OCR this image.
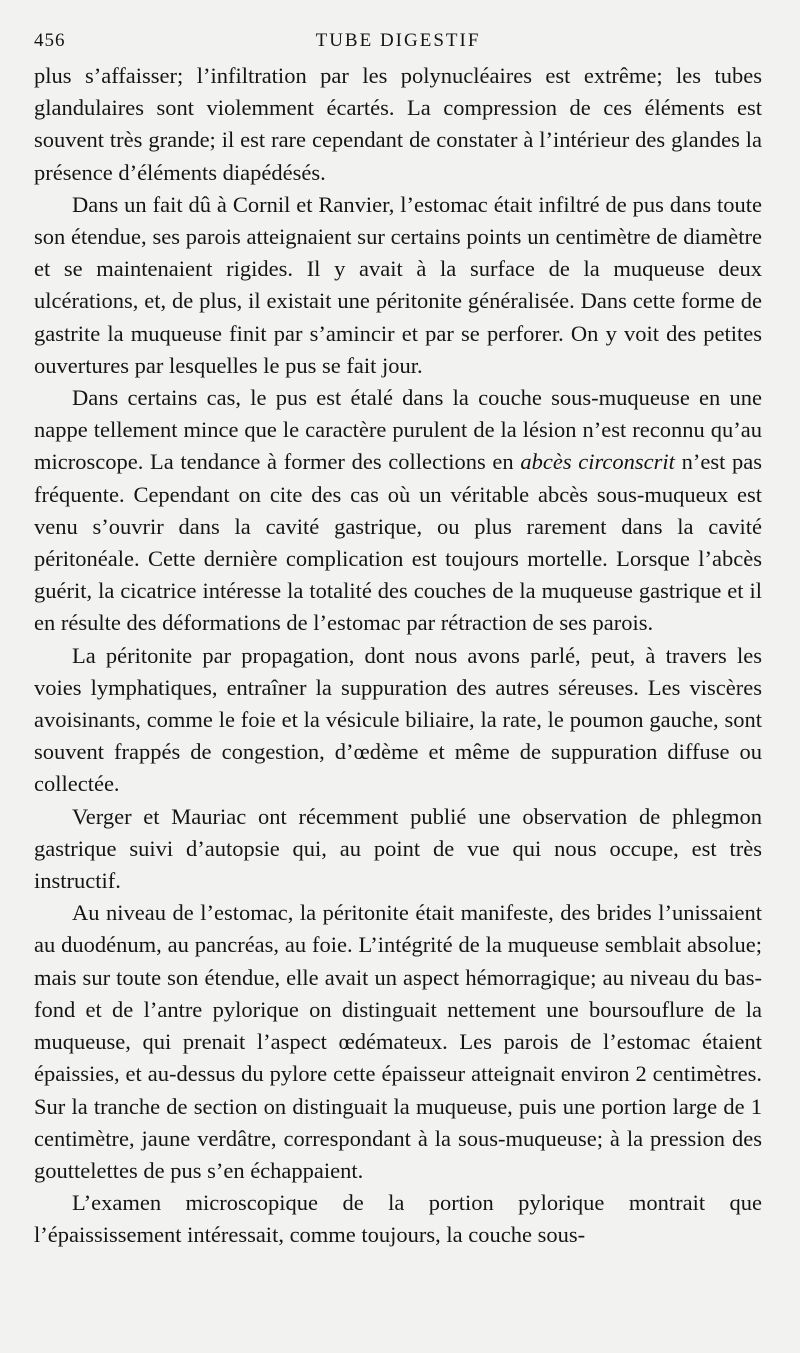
456	TUBE DIGESTIF

plus s’affaisser; l’infiltration par les polynucléaires est extrême; les tubes glandulaires sont violemment écartés. La compression de ces éléments est souvent très grande; il est rare cependant de constater à l’intérieur des glandes la présence d’éléments diapédésés.

Dans un fait dû à Cornil et Ranvier, l’estomac était infiltré de pus dans toute son étendue, ses parois atteignaient sur certains points un centimètre de diamètre et se maintenaient rigides. Il y avait à la surface de la muqueuse deux ulcérations, et, de plus, il existait une péritonite généralisée. Dans cette forme de gastrite la muqueuse finit par s’amincir et par se perforer. On y voit des petites ouvertures par lesquelles le pus se fait jour.

Dans certains cas, le pus est étalé dans la couche sous-muqueuse en une nappe tellement mince que le caractère purulent de la lésion n’est reconnu qu’au microscope. La tendance à former des collections en abcès circonscrit n’est pas fréquente. Cependant on cite des cas où un véritable abcès sous-muqueux est venu s’ouvrir dans la cavité gastrique, ou plus rarement dans la cavité péritonéale. Cette dernière complication est toujours mortelle. Lorsque l’abcès guérit, la cicatrice intéresse la totalité des couches de la muqueuse gastrique et il en résulte des déformations de l’estomac par rétraction de ses parois.

La péritonite par propagation, dont nous avons parlé, peut, à travers les voies lymphatiques, entraîner la suppuration des autres séreuses. Les viscères avoisinants, comme le foie et la vésicule biliaire, la rate, le poumon gauche, sont souvent frappés de congestion, d’œdème et même de suppuration diffuse ou collectée.

Verger et Mauriac ont récemment publié une observation de phlegmon gastrique suivi d’autopsie qui, au point de vue qui nous occupe, est très instructif.

Au niveau de l’estomac, la péritonite était manifeste, des brides l’unissaient au duodénum, au pancréas, au foie. L’intégrité de la muqueuse semblait absolue; mais sur toute son étendue, elle avait un aspect hémorragique; au niveau du bas-fond et de l’antre pylorique on distinguait nettement une boursouflure de la muqueuse, qui prenait l’aspect œdémateux. Les parois de l’estomac étaient épaissies, et au-dessus du pylore cette épaisseur atteignait environ 2 centimètres. Sur la tranche de section on distinguait la muqueuse, puis une portion large de 1 centimètre, jaune verdâtre, correspondant à la sous-muqueuse; à la pression des gouttelettes de pus s’en échappaient.

L’examen microscopique de la portion pylorique montrait que l’épaississement intéressait, comme toujours, la couche sous-
